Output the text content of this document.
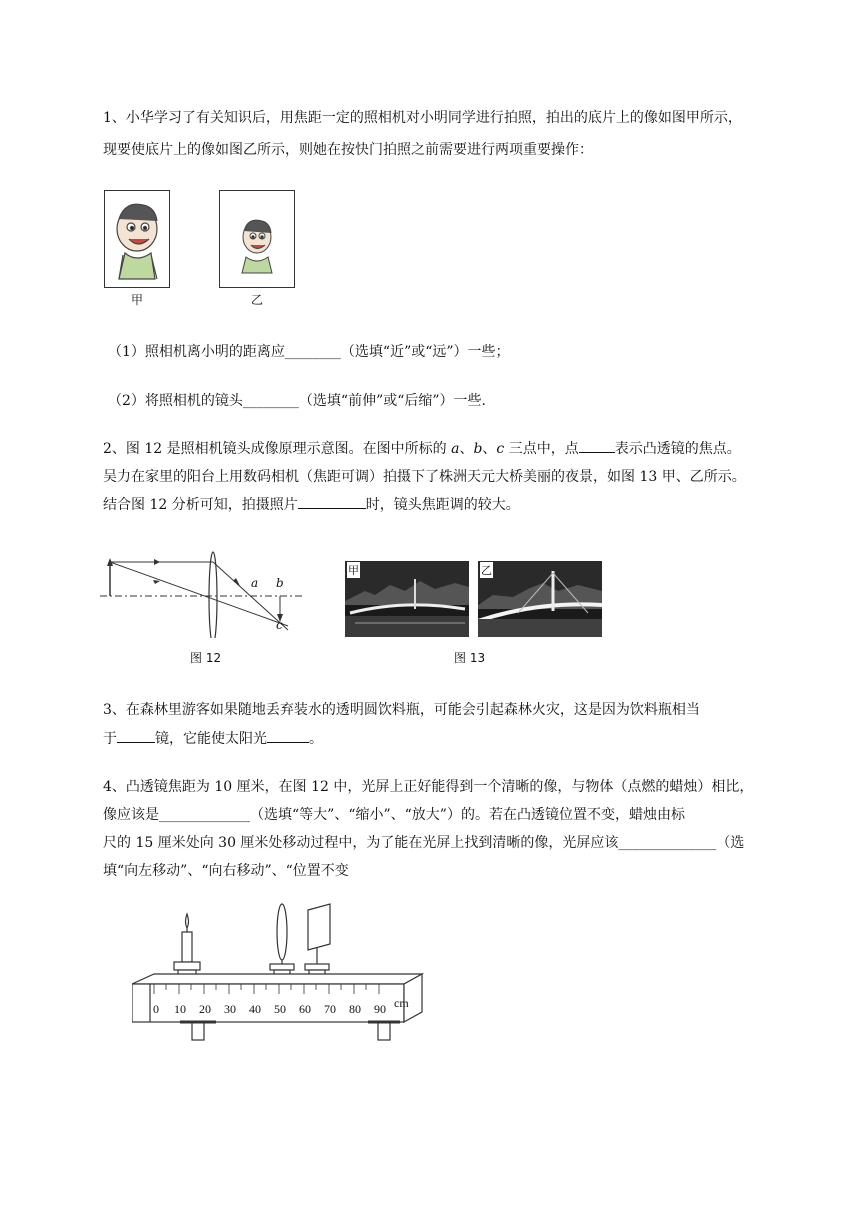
1、小华学习了有关知识后，用焦距一定的照相机对小明同学进行拍照，拍出的底片上的像如图甲所示，
现要使底片上的像如图乙所示，则她在按快门拍照之前需要进行两项重要操作：
甲	乙
（1）照相机离小明的距离应________（选填“近”或“远”）一些；
（2）将照相机的镜头________（选填“前伸”或“后缩”）一些.
2、图 12 是照相机镜头成像原理示意图。在图中所标的 a、b、c 三点中，点	表示凸透镜的焦点。
吴力在家里的阳台上用数码相机（焦距可调）拍摄下了株洲天元大桥美丽的夜景，如图 13 甲、乙所示。
结合图 12 分析可知，拍摄照片	时，镜头焦距调的较大。
a b
c
图 12
甲	乙
图 13
3、在森林里游客如果随地丢弃装水的透明圆饮料瓶，可能会引起森林火灾，这是因为饮料瓶相当
于	镜，它能使太阳光	。
4、凸透镜焦距为 10 厘米，在图 12 中，光屏上正好能得到一个清晰的像，与物体（点燃的蜡烛）相比，
像应该是_____________（选填“等大”、“缩小”、“放大”）的。若在凸透镜位置不变，蜡烛由标
尺的 15 厘米处向 30 厘米处移动过程中，为了能在光屏上找到清晰的像，光屏应该______________（选
填“向左移动”、“向右移动”、“位置不变
0 10 20 30 40 50 60 70 80 90 cm
